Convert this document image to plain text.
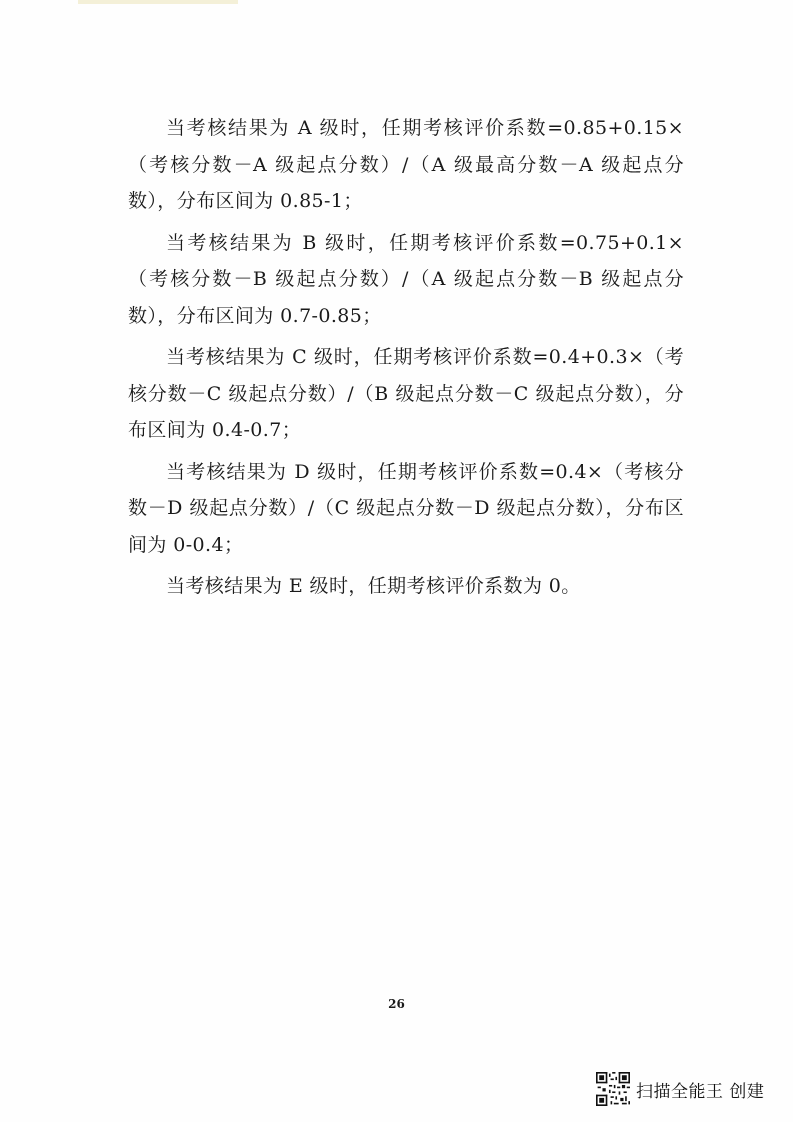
当考核结果为 A 级时，任期考核评价系数=0.85+0.15×（考核分数－A 级起点分数）/（A 级最高分数－A 级起点分数），分布区间为 0.85-1；

当考核结果为 B 级时，任期考核评价系数=0.75+0.1×（考核分数－B 级起点分数）/（A 级起点分数－B 级起点分数），分布区间为 0.7-0.85；

当考核结果为 C 级时，任期考核评价系数=0.4+0.3×（考核分数－C 级起点分数）/（B 级起点分数－C 级起点分数），分布区间为 0.4-0.7；

当考核结果为 D 级时，任期考核评价系数=0.4×（考核分数－D 级起点分数）/（C 级起点分数－D 级起点分数），分布区间为 0-0.4；

当考核结果为 E 级时，任期考核评价系数为 0。

26
扫描全能王 创建
